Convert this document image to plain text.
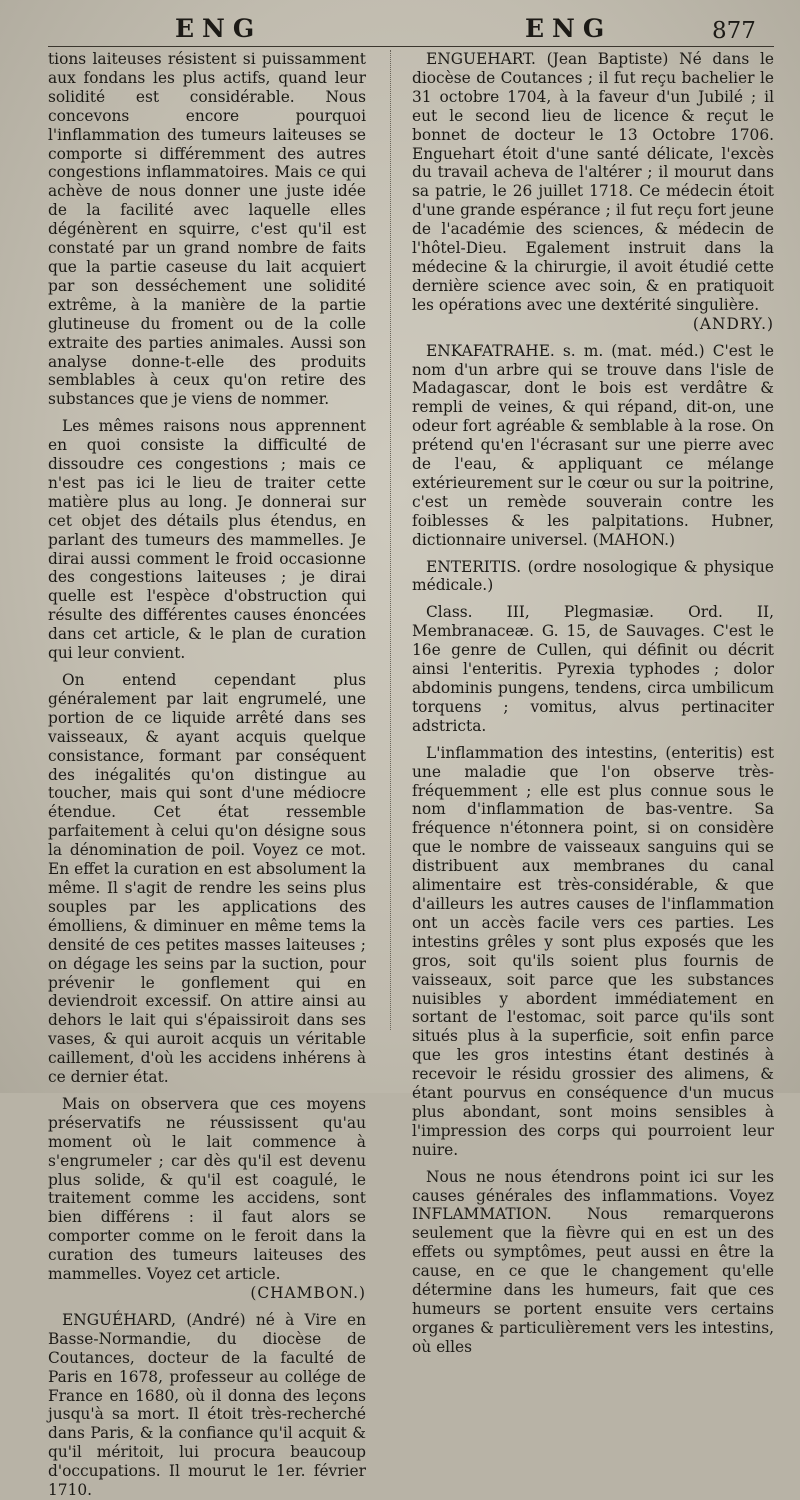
ENG	ENG	877

tions laiteuses résistent si puissamment aux fondans les plus actifs, quand leur solidité est considérable. Nous concevons encore pourquoi l'inflammation des tumeurs laiteuses se comporte si différemment des autres congestions inflammatoires. Mais ce qui achève de nous donner une juste idée de la facilité avec laquelle elles dégénèrent en squirre, c'est qu'il est constaté par un grand nombre de faits que la partie caseuse du lait acquiert par son desséchement une solidité extrême, à la manière de la partie glutineuse du froment ou de la colle extraite des parties animales. Aussi son analyse donne-t-elle des produits semblables à ceux qu'on retire des substances que je viens de nommer.

Les mêmes raisons nous apprennent en quoi consiste la difficulté de dissoudre ces congestions ; mais ce n'est pas ici le lieu de traiter cette matière plus au long. Je donnerai sur cet objet des détails plus étendus, en parlant des tumeurs des mammelles. Je dirai aussi comment le froid occasionne des congestions laiteuses ; je dirai quelle est l'espèce d'obstruction qui résulte des différentes causes énoncées dans cet article, & le plan de curation qui leur convient.

On entend cependant plus généralement par lait engrumelé, une portion de ce liquide arrêté dans ses vaisseaux, & ayant acquis quelque consistance, formant par conséquent des inégalités qu'on distingue au toucher, mais qui sont d'une médiocre étendue. Cet état ressemble parfaitement à celui qu'on désigne sous la dénomination de poil. Voyez ce mot. En effet la curation en est absolument la même. Il s'agit de rendre les seins plus souples par les applications des émolliens, & diminuer en même tems la densité de ces petites masses laiteuses ; on dégage les seins par la suction, pour prévenir le gonflement qui en deviendroit excessif. On attire ainsi au dehors le lait qui s'épaissiroit dans ses vases, & qui auroit acquis un véritable caillement, d'où les accidens inhérens à ce dernier état.

Mais on observera que ces moyens préservatifs ne réussissent qu'au moment où le lait commence à s'engrumeler ; car dès qu'il est devenu plus solide, & qu'il est coagulé, le traitement comme les accidens, sont bien différens : il faut alors se comporter comme on le feroit dans la curation des tumeurs laiteuses des mammelles. Voyez cet article.

(CHAMBON.)

ENGUÉHARD, (André) né à Vire en Basse-Normandie, du diocèse de Coutances, docteur de la faculté de Paris en 1678, professeur au collége de France en 1680, où il donna des leçons jusqu'à sa mort. Il étoit très-recherché dans Paris, & la confiance qu'il acquit & qu'il méritoit, lui procura beaucoup d'occupations. Il mourut le 1er. février 1710.

ENGUEHART. (Jean Baptiste) Né dans le diocèse de Coutances ; il fut reçu bachelier le 31 octobre 1704, à la faveur d'un Jubilé ; il eut le second lieu de licence & reçut le bonnet de docteur le 13 Octobre 1706. Enguehart étoit d'une santé délicate, l'excès du travail acheva de l'altérer ; il mourut dans sa patrie, le 26 juillet 1718. Ce médecin étoit d'une grande espérance ; il fut reçu fort jeune de l'académie des sciences, & médecin de l'hôtel-Dieu. Egalement instruit dans la médecine & la chirurgie, il avoit étudié cette dernière science avec soin, & en pratiquoit les opérations avec une dextérité singulière.

(ANDRY.)

ENKAFATRAHE. s. m. (mat. méd.) C'est le nom d'un arbre qui se trouve dans l'isle de Madagascar, dont le bois est verdâtre & rempli de veines, & qui répand, dit-on, une odeur fort agréable & semblable à la rose. On prétend qu'en l'écrasant sur une pierre avec de l'eau, & appliquant ce mélange extérieurement sur le cœur ou sur la poitrine, c'est un remède souverain contre les foiblesses & les palpitations. Hubner, dictionnaire universel. (MAHON.)

ENTERITIS. (ordre nosologique & physique médicale.)

Class. III, Plegmasiæ. Ord. II, Membranaceæ. G. 15, de Sauvages. C'est le 16e genre de Cullen, qui définit ou décrit ainsi l'enteritis. Pyrexia typhodes ; dolor abdominis pungens, tendens, circa umbilicum torquens ; vomitus, alvus pertinaciter adstricta.

L'inflammation des intestins, (enteritis) est une maladie que l'on observe très-fréquemment ; elle est plus connue sous le nom d'inflammation de bas-ventre. Sa fréquence n'étonnera point, si on considère que le nombre de vaisseaux sanguins qui se distribuent aux membranes du canal alimentaire est très-considérable, & que d'ailleurs les autres causes de l'inflammation ont un accès facile vers ces parties. Les intestins grêles y sont plus exposés que les gros, soit qu'ils soient plus fournis de vaisseaux, soit parce que les substances nuisibles y abordent immédiatement en sortant de l'estomac, soit parce qu'ils sont situés plus à la superficie, soit enfin parce que les gros intestins étant destinés à recevoir le résidu grossier des alimens, & étant pourvus en conséquence d'un mucus plus abondant, sont moins sensibles à l'impression des corps qui pourroient leur nuire.

Nous ne nous étendrons point ici sur les causes générales des inflammations. Voyez INFLAMMATION. Nous remarquerons seulement que la fièvre qui en est un des effets ou symptômes, peut aussi en être la cause, en ce que le changement qu'elle détermine dans les humeurs, fait que ces humeurs se portent ensuite vers certains organes & particulièrement vers les intestins, où elles
